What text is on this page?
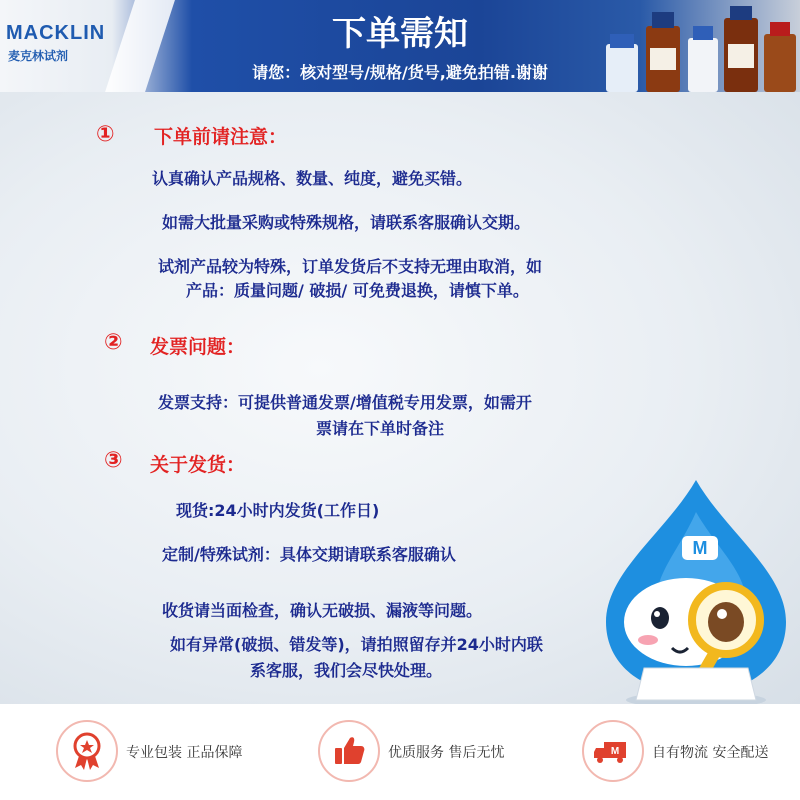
MACKLIN
麦克林试剂
下单需知
请您：核对型号/规格/货号,避免拍错.谢谢
① 下单前请注意：
认真确认产品规格、数量、纯度，避免买错。
如需大批量采购或特殊规格，请联系客服确认交期。
试剂产品较为特殊，订单发货后不支持无理由取消，如
产品：质量问题/ 破损/ 可免费退换，请慎下单。
② 发票问题：
发票支持：可提供普通发票/增值税专用发票，如需开
票请在下单时备注
③ 关于发货：
现货:24小时内发货(工作日)
定制/特殊试剂：具体交期请联系客服确认
收货请当面检查，确认无破损、漏液等问题。
如有异常(破损、错发等)，请拍照留存并24小时内联
系客服，我们会尽快处理。
M
专业包装 正品保障	优质服务 售后无忧	M 自有物流 安全配送
